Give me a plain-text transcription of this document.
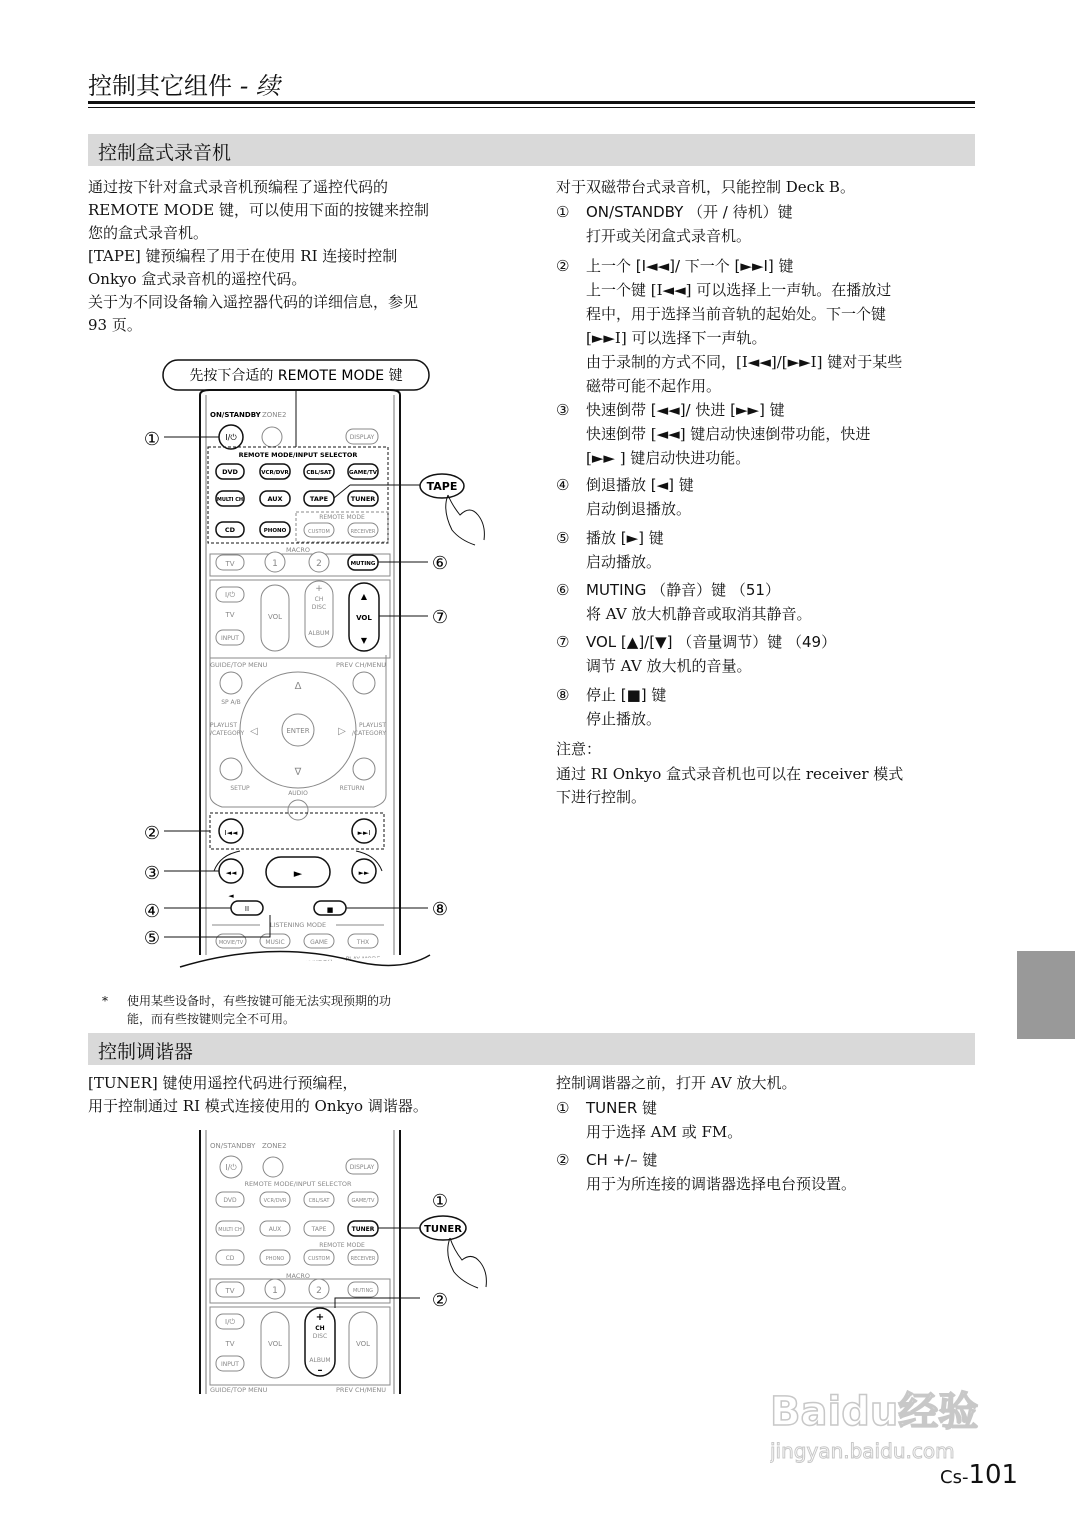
控制其它组件 - 续
控制盒式录音机

通过按下针对盒式录音机预编程了遥控代码的

REMOTE MODE 键，可以使用下面的按键来控制

您的盒式录音机。

[TAPE] 键预编程了用于在使用 RI 连接时控制

Onkyo 盒式录音机的遥控代码。

关于为不同设备输入遥控器代码的详细信息，参见

93 页。

先按下合适的 REMOTE MODE 键
ON/STANDBY ZONE2
I/⏻	DISPLAY
REMOTE MODE/INPUT SELECTOR
DVD	VCR/DVR	CBL/SAT	GAME/TV
MULTI CH	AUX	TAPE	TUNER
CD	PHONO
REMOTE MODE
CUSTOM	RECEIVER
TAPE
MACRO
TV	1	2	MUTING
I/⏻
TV
INPUT
VOL
+
CH
DISC
ALBUM
▲
VOL
▼
GUIDE/TOP MENU	PREV CH/MENU
SP A/B
ENTER
Δ
∇
◁	▷
PLAYLIST
/CATEGORY
PLAYLIST
/CATEGORY
SETUP	RETURN
AUDIO
I◄◄	►►I
◄◄	►	►►
◄
II	■
LISTENING MODE
MOVIE/TV	MUSIC	GAME	THX
①
②
③
④
⑤
⑥
⑦
⑧
* 使用某些设备时，有些按键可能无法实现预期的功
能，而有些按键则完全不可用。
对于双磁带台式录音机，只能控制 Deck B。
① ON/STANDBY （开 / 待机）键
打开或关闭盒式录音机。
② 上一个 [I◄◄]/ 下一个 [►►I] 键
上一个键 [I◄◄] 可以选择上一声轨。在播放过
程中，用于选择当前音轨的起始处。下一个键
[►►I] 可以选择下一声轨。
由于录制的方式不同，[I◄◄]/[►►I] 键对于某些
磁带可能不起作用。
③ 快速倒带 [◄◄]/ 快进 [►►] 键
快速倒带 [◄◄] 键启动快速倒带功能，快进
[►► ] 键启动快进功能。
④ 倒退播放 [◄] 键
启动倒退播放。
⑤ 播放 [►] 键
启动播放。
⑥ MUTING （静音）键 （51）
将 AV 放大机静音或取消其静音。
⑦ VOL [▲]/[▼] （音量调节）键 （49）
调节 AV 放大机的音量。
⑧ 停止 [■] 键
停止播放。
注意：

通过 RI Onkyo 盒式录音机也可以在 receiver 模式

下进行控制。

控制调谐器

[TUNER] 键使用遥控代码进行预编程，

用于控制通过 RI 模式连接使用的 Onkyo 调谐器。

ON/STANDBY ZONE2
I/⏻	DISPLAY
REMOTE MODE/INPUT SELECTOR
DVD	VCR/DVR	CBL/SAT	GAME/TV
MULTI CH	AUX	TAPE
CD	PHONO	CUSTOM	RECEIVER
REMOTE MODE
TUNER	TUNER
①
MACRO
TV	1	2	MUTING
I/⏻
TV
INPUT
VOL
+
CH
DISC
ALBUM
–
VOL
②
GUIDE/TOP MENU	PREV CH/MENU
控制调谐器之前，打开 AV 放大机。
① TUNER 键
用于选择 AM 或 FM。
② CH +/– 键
用于为所连接的调谐器选择电台预设置。
Baidu经验
jingyan.baidu.com
Cs-101
